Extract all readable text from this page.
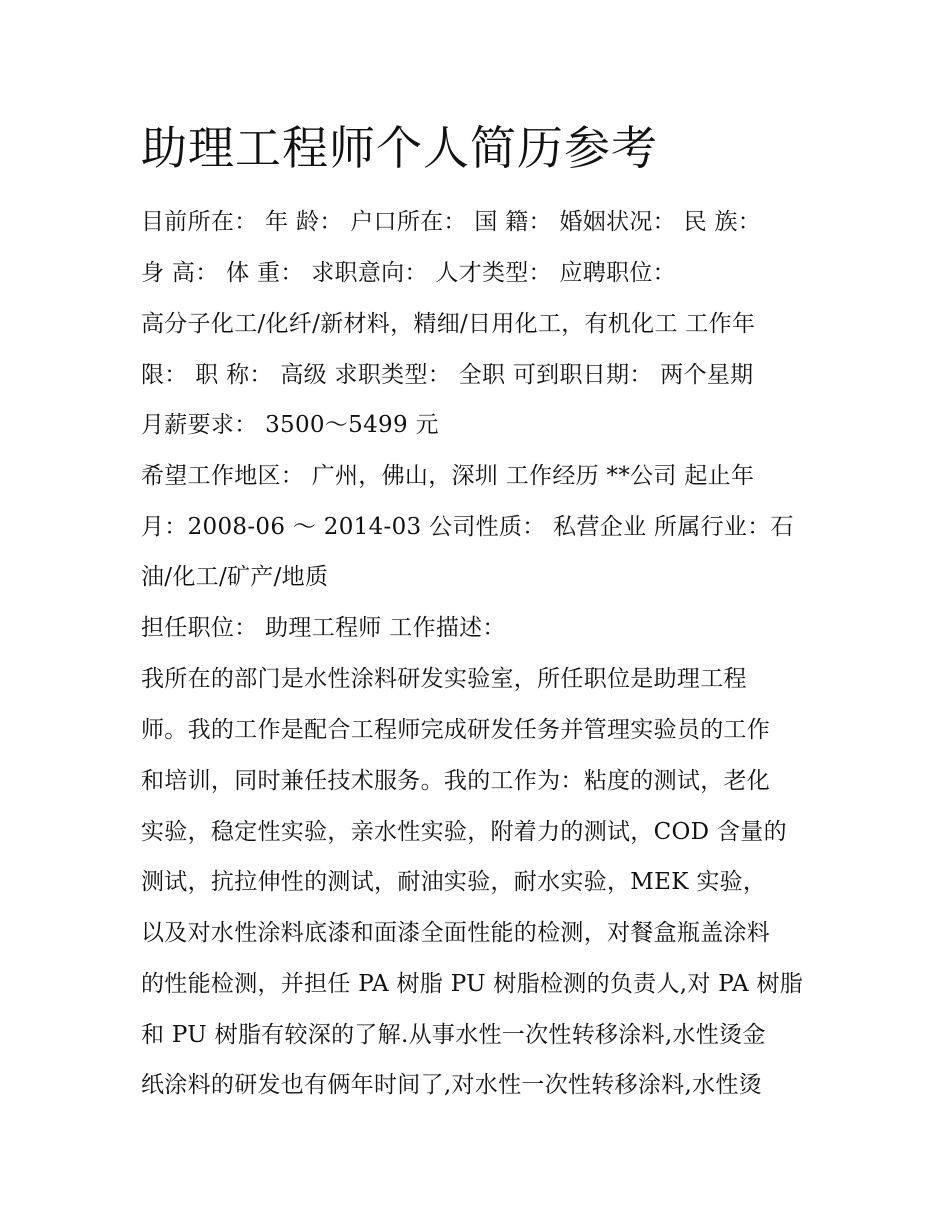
助理工程师个人简历参考
目前所在： 年 龄： 户口所在： 国 籍： 婚姻状况： 民 族：
身 高： 体 重： 求职意向： 人才类型： 应聘职位：
高分子化工/化纤/新材料，精细/日用化工，有机化工 工作年
限： 职 称： 高级 求职类型： 全职 可到职日期： 两个星期
月薪要求： 3500～5499 元
希望工作地区： 广州，佛山，深圳 工作经历 **公司 起止年
月：2008-06 ～ 2014-03 公司性质： 私营企业 所属行业：石
油/化工/矿产/地质
担任职位： 助理工程师 工作描述：
我所在的部门是水性涂料研发实验室，所任职位是助理工程
师。我的工作是配合工程师完成研发任务并管理实验员的工作
和培训，同时兼任技术服务。我的工作为：粘度的测试，老化
实验，稳定性实验，亲水性实验，附着力的测试，COD 含量的
测试，抗拉伸性的测试，耐油实验，耐水实验，MEK 实验，
以及对水性涂料底漆和面漆全面性能的检测，对餐盒瓶盖涂料
的性能检测，并担任 PA 树脂 PU 树脂检测的负责人,对 PA 树脂
和 PU 树脂有较深的了解.从事水性一次性转移涂料,水性烫金
纸涂料的研发也有俩年时间了,对水性一次性转移涂料,水性烫
